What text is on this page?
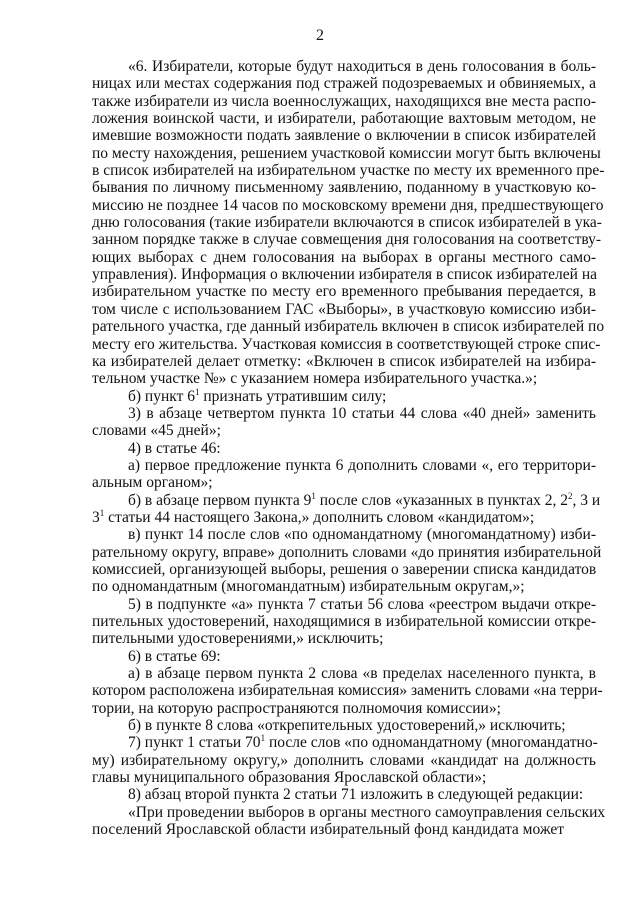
2
«6. Избиратели, которые будут находиться в день голосования в боль-
ницах или местах содержания под стражей подозреваемых и обвиняемых, а
также избиратели из числа военнослужащих, находящихся вне места распо-
ложения воинской части, и избиратели, работающие вахтовым методом, не
имевшие возможности подать заявление о включении в список избирателей
по месту нахождения, решением участковой комиссии могут быть включены
в список избирателей на избирательном участке по месту их временного пре-
бывания по личному письменному заявлению, поданному в участковую ко-
миссию не позднее 14 часов по московскому времени дня, предшествующего
дню голосования (такие избиратели включаются в список избирателей в ука-
занном порядке также в случае совмещения дня голосования на соответству-
ющих выборах с днем голосования на выборах в органы местного само-
управления). Информация о включении избирателя в список избирателей на
избирательном участке по месту его временного пребывания передается, в
том числе с использованием ГАС «Выборы», в участковую комиссию изби-
рательного участка, где данный избиратель включен в список избирателей по
месту его жительства. Участковая комиссия в соответствующей строке спис-
ка избирателей делает отметку: «Включен в список избирателей на избира-
тельном участке №» с указанием номера избирательного участка.»;
б) пункт $6^1$ признать утратившим силу;
3) в абзаце четвертом пункта 10 статьи 44 слова «40 дней» заменить
словами «45 дней»;
4) в статье 46:
а) первое предложение пункта 6 дополнить словами «, его территори-
альным органом»;
б) в абзаце первом пункта $9^1$ после слов «указанных в пунктах 2, $2^2$, 3 и
$3^1$ статьи 44 настоящего Закона,» дополнить словом «кандидатом»;
в) пункт 14 после слов «по одномандатному (многомандатному) изби-
рательному округу, вправе» дополнить словами «до принятия избирательной
комиссией, организующей выборы, решения о заверении списка кандидатов
по одномандатным (многомандатным) избирательным округам,»;
5) в подпункте «а» пункта 7 статьи 56 слова «реестром выдачи откре-
пительных удостоверений, находящимися в избирательной комиссии откре-
пительными удостоверениями,» исключить;
6) в статье 69:
а) в абзаце первом пункта 2 слова «в пределах населенного пункта, в
котором расположена избирательная комиссия» заменить словами «на терри-
тории, на которую распространяются полномочия комиссии»;
б) в пункте 8 слова «открепительных удостоверений,» исключить;
7) пункт 1 статьи $70^1$ после слов «по одномандатному (многомандатно-
му) избирательному округу,» дополнить словами «кандидат на должность
главы муниципального образования Ярославской области»;
8) абзац второй пункта 2 статьи 71 изложить в следующей редакции:
«При проведении выборов в органы местного самоуправления сельских
поселений Ярославской области избирательный фонд кандидата может
